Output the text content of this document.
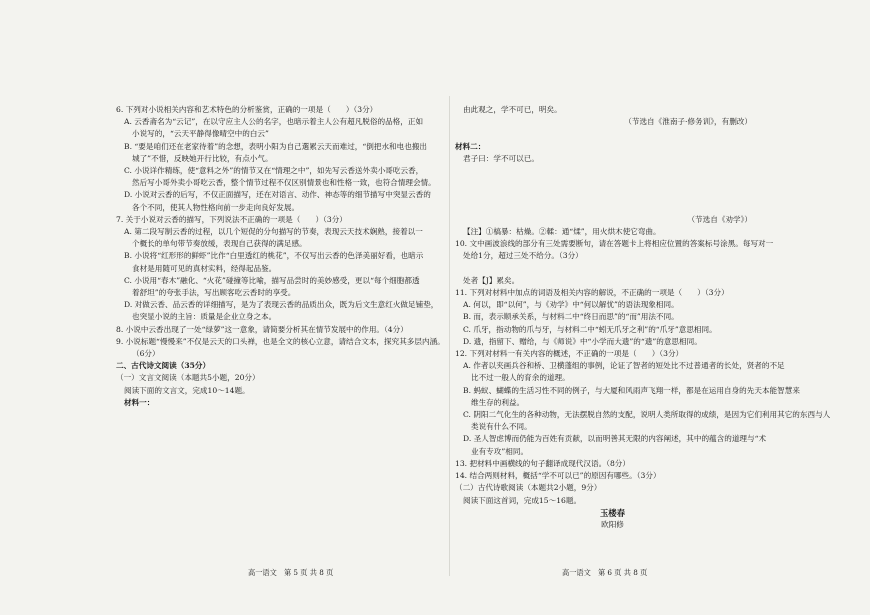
6. 下列对小说相关内容和艺术特色的分析鉴赏，正确的一项是（　　）（3分）

A. 云香斋名为“云记”，在以守应主人公的名字，也暗示着主人公有超凡脱俗的品格，正如

小说写的，“云天平静得像晴空中的白云”

B. “要是咱们还在老家待着”的念想，表明小阳为自己選累云天而难过，“倒把水和电也搬出

城了”不惜，反映她开行比较，有点小气。

C. 小说详作精练，使“意料之外”的情节又在“情理之中”，如先写云香送外卖小哥吃云香，

然后写小哥外卖小哥吃云香，整个情节过程不仅区别情景也和性格一致，也符合情理会情。

D. 小说对云香的后写，不仅正面描写，还在对语言、动作、神态等的细节描写中突显云香的

各个不同，使其人物性格向前一步走向良好发展。

7. 关于小说对云香的描写，下列说法不正确的一项是（　　）（3分）

A. 第二段写制云香的过程，以几个短促的分句描写的节奏，表现云天技术娴熟，接着以一

个概长的单句带节奏放缓，表现自己获得的满足感。

B. 小说将“红形形的鲜虾”比作“白里透红的桃花”，不仅写出云香的色泽美丽好看，也暗示

食材是用随可见的真材实料，经得起品鉴。

C. 小说用“春木”融化、“火花”碰撞等比喻，描写品尝时的美妙感受，更以“每个细胞都透

着舒坦”的夸张手法，写出顾客吃云香时的享受。

D. 对做云香、品云香的详细描写，是为了表现云香的品质出众，既为后文生意红火做足铺垫，

也突显小说的主旨：质量是企业立身之本。

8. 小说中云香出现了一处“绿萝”这一意象，请简要分析其在情节发展中的作用。（4分）

9. 小说标题“慢慢来”不仅是云天的口头禅，也是全文的核心立意，请结合文本，探究其多层内涵。

（6分）

二、古代诗文阅读（35分）

（一）文言文阅读（本题共5小题，20分）

阅读下面的文言文，完成10～14题。

材料一：

由此观之，学不可已，明矣。

（节选自《淮南子·修务训》，有删改）

材料二：

君子曰：学不可以已。

（节选自《劝学》）

【注】①槁暴：枯燥。②輮：通“煣”，用火烘木使它弯曲。

10. 文中画波浪线的部分有三处需要断句，请在答题卡上将相应位置的答案标号涂黑。每写对一

处给1分，超过三处不给分。（3分）

处者【J】累矣。

11. 下列对材料中加点的词语及相关内容的解说，不正确的一项是（　　）（3分）

A. 何以，即“以何”，与《劝学》中“何以解忧”的语法现象相同。

B. 而，表示顺承关系，与材料二中“终日而思”的“而”用法不同。

C. 爪牙，指动物的爪与牙，与材料二中“蚓无爪牙之利”的“爪牙”意思相同。

D. 遗，指留下、赠给，与《师说》中“小学而大遗”的“遗”的意思相同。

12. 下列对材料一有关内容的概述，不正确的一项是（　　）（3分）

A. 作者以夹画兵谷和桥、卫横蓬组的事例，论证了智者的短处比不过普通者的长处，贤者的不足

比不过一般人的育余的道理。

B. 蚂蚁、蝴蝶的生活习性不同的例子，与大厦和风雨声飞翔一样，都是在运用自身的先天本能智慧来

维生存的利益。

C. 阴阳二气化生的各种动物，无法摆脱自然的支配，说明人类所取得的成绩，是因为它们利用其它的东西与人

类说有什么不同。

D. 圣人智虑博而仍能为百姓有贡献，以而明善其无限的内容阐述，其中的蕴含的道理与“术

业有专攻”相同。

13. 把材料中画横线的句子翻译成现代汉语。（8分）

14. 结合两则材料，概括“学不可以已”的原因有哪些。（3分）

（二）古代诗歌阅读（本题共2小题，9分）

阅读下面这首词，完成15～16题。

玉楼春

欧阳修

高一语文　第 5 页 共 8 页	高一语文　第 6 页 共 8 页
